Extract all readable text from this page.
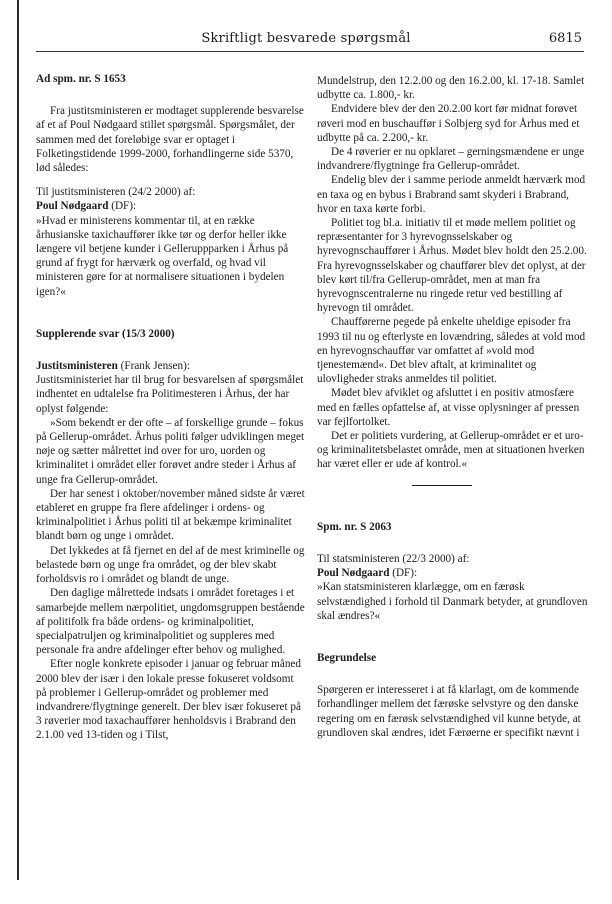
Skriftligt besvarede spørgsmål	6815

Ad spm. nr. S 1653

Fra justitsministeren er modtaget supplerende besvarelse af et af Poul Nødgaard stillet spørgsmål. Spørgsmålet, der sammen med det foreløbige svar er optaget i Folketingstidende 1999-2000, forhandlingerne side 5370, lød således:

Til justitsministeren (24/2 2000) af:

Poul Nødgaard (DF):

»Hvad er ministerens kommentar til, at en række århusianske taxichauffører ikke tør og derfor heller ikke længere vil betjene kunder i Gelleruppparken i Århus på grund af frygt for hærværk og overfald, og hvad vil ministeren gøre for at normalisere situationen i bydelen igen?«

Supplerende svar (15/3 2000)

Justitsministeren (Frank Jensen):

Justitsministeriet har til brug for besvarelsen af spørgsmålet indhentet en udtalelse fra Politimesteren i Århus, der har oplyst følgende:

»Som bekendt er der ofte – af forskellige grunde – fokus på Gellerup-området. Århus politi følger udviklingen meget nøje og sætter målrettet ind over for uro, uorden og kriminalitet i området eller forøvet andre steder i Århus af unge fra Gellerup-området.

Der har senest i oktober/november måned sidste år været etableret en gruppe fra flere afdelinger i ordens- og kriminalpolitiet i Århus politi til at bekæmpe kriminalitet blandt børn og unge i området.

Det lykkedes at få fjernet en del af de mest kriminelle og belastede børn og unge fra området, og der blev skabt forholdsvis ro i området og blandt de unge.

Den daglige målrettede indsats i området foretages i et samarbejde mellem nærpolitiet, ungdomsgruppen bestående af politifolk fra både ordens- og kriminalpolitiet, specialpatruljen og kriminalpolitiet og suppleres med personale fra andre afdelinger efter behov og mulighed.

Efter nogle konkrete episoder i januar og februar måned 2000 blev der især i den lokale presse fokuseret voldsomt på problemer i Gellerup-området og problemer med indvandrere/flygtninge generelt. Der blev især fokuseret på 3 røverier mod taxachauffører henholdsvis i Brabrand den 2.1.00 ved 13-tiden og i Tilst,

Mundelstrup, den 12.2.00 og den 16.2.00, kl. 17-18. Samlet udbytte ca. 1.800,- kr.

Endvidere blev der den 20.2.00 kort før midnat forøvet røveri mod en buschauffør i Solbjerg syd for Århus med et udbytte på ca. 2.200,- kr.

De 4 røverier er nu opklaret – gerningsmændene er unge indvandrere/flygtninge fra Gellerup-området.

Endelig blev der i samme periode anmeldt hærværk mod en taxa og en bybus i Brabrand samt skyderi i Brabrand, hvor en taxa kørte forbi.

Politiet tog bl.a. initiativ til et møde mellem politiet og repræsentanter for 3 hyrevognsselskaber og hyrevognschauffører i Århus. Mødet blev holdt den 25.2.00. Fra hyrevognsselskaber og chauffører blev det oplyst, at der blev kørt til/fra Gellerup-området, men at man fra hyrevognscentralerne nu ringede retur ved bestilling af hyrevogn til området.

Chaufførerne pegede på enkelte uheldige episoder fra 1993 til nu og efterlyste en lovændring, således at vold mod en hyrevognschauffør var omfattet af »vold mod tjenestemænd«. Det blev aftalt, at kriminalitet og ulovligheder straks anmeldes til politiet.

Mødet blev afviklet og afsluttet i en positiv atmosfære med en fælles opfattelse af, at visse oplysninger af pressen var fejlfortolket.

Det er politiets vurdering, at Gellerup-området er et uro- og kriminalitetsbelastet område, men at situationen hverken har været eller er ude af kontrol.«

Spm. nr. S 2063

Til statsministeren (22/3 2000) af:

Poul Nødgaard (DF):

»Kan statsministeren klarlægge, om en færøsk selvstændighed i forhold til Danmark betyder, at grundloven skal ændres?«

Begrundelse

Spørgeren er interesseret i at få klarlagt, om de kommende forhandlinger mellem det færøske selvstyre og den danske regering om en færøsk selvstændighed vil kunne betyde, at grundloven skal ændres, idet Færøerne er specifikt nævnt i
